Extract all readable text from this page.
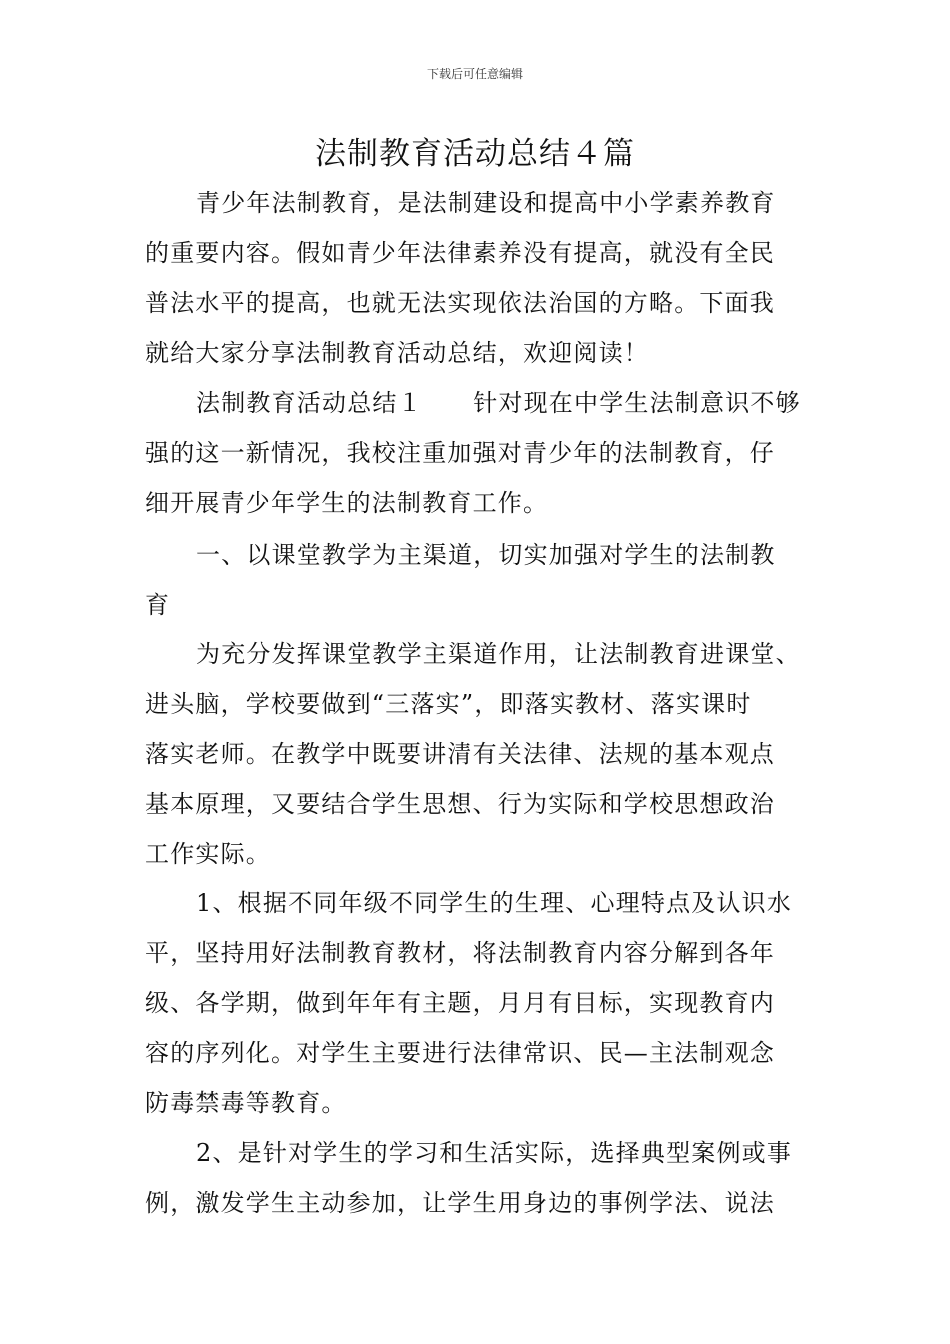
下载后可任意编辑
法制教育活动总结４篇
青少年法制教育，是法制建设和提高中小学素养教育
的重要内容。假如青少年法律素养没有提高，就没有全民
普法水平的提高，也就无法实现依法治国的方略。下面我
就给大家分享法制教育活动总结，欢迎阅读！
法制教育活动总结１　　针对现在中学生法制意识不够
强的这一新情况，我校注重加强对青少年的法制教育，仔
细开展青少年学生的法制教育工作。
一、以课堂教学为主渠道，切实加强对学生的法制教
育
为充分发挥课堂教学主渠道作用，让法制教育进课堂、
进头脑，学校要做到“三落实”，即落实教材、落实课时
落实老师。在教学中既要讲清有关法律、法规的基本观点
基本原理，又要结合学生思想、行为实际和学校思想政治
工作实际。
1、根据不同年级不同学生的生理、心理特点及认识水
平，坚持用好法制教育教材，将法制教育内容分解到各年
级、各学期，做到年年有主题，月月有目标，实现教育内
容的序列化。对学生主要进行法律常识、民—主法制观念
防毒禁毒等教育。
2、是针对学生的学习和生活实际，选择典型案例或事
例，激发学生主动参加，让学生用身边的事例学法、说法
